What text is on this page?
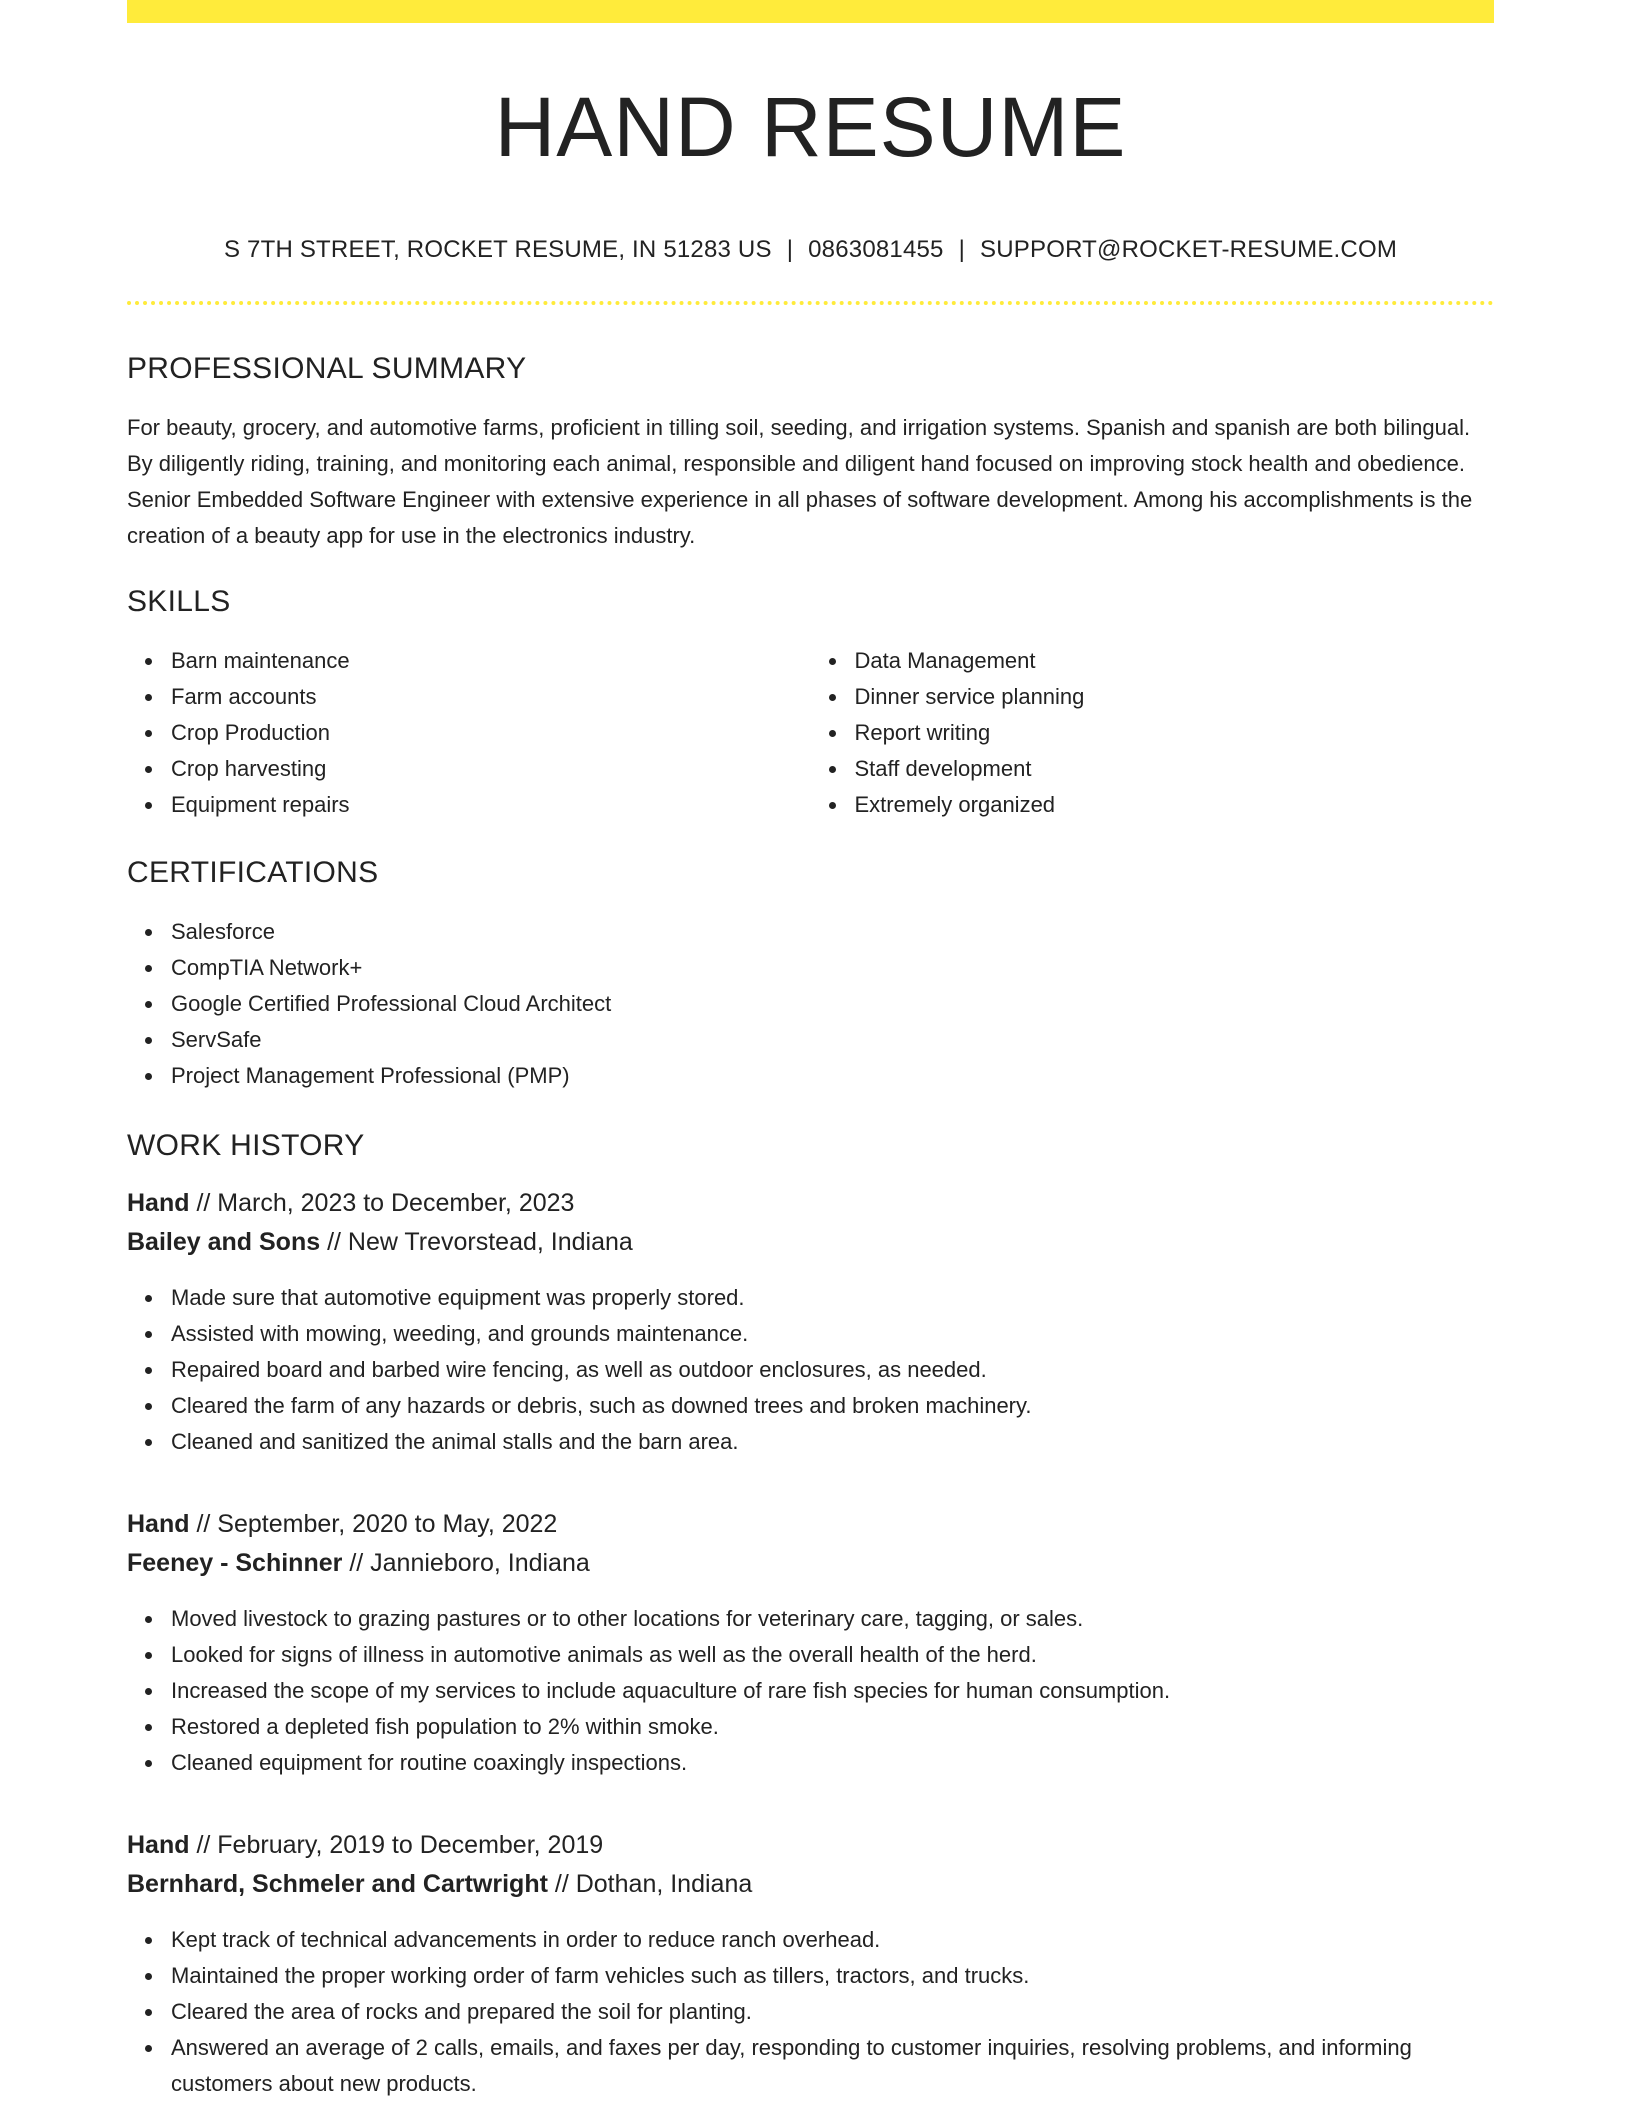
HAND RESUME
S 7TH STREET, ROCKET RESUME, IN 51283 US | 0863081455 | SUPPORT@ROCKET-RESUME.COM
PROFESSIONAL SUMMARY

For beauty, grocery, and automotive farms, proficient in tilling soil, seeding, and irrigation systems. Spanish and spanish are both bilingual. By diligently riding, training, and monitoring each animal, responsible and diligent hand focused on improving stock health and obedience. Senior Embedded Software Engineer with extensive experience in all phases of software development. Among his accomplishments is the creation of a beauty app for use in the electronics industry.

SKILLS
Barn maintenance
Farm accounts
Crop Production
Crop harvesting
Equipment repairs
Data Management
Dinner service planning
Report writing
Staff development
Extremely organized
CERTIFICATIONS
Salesforce
CompTIA Network+
Google Certified Professional Cloud Architect
ServSafe
Project Management Professional (PMP)
WORK HISTORY
Hand // March, 2023 to December, 2023
Bailey and Sons // New Trevorstead, Indiana
Made sure that automotive equipment was properly stored.
Assisted with mowing, weeding, and grounds maintenance.
Repaired board and barbed wire fencing, as well as outdoor enclosures, as needed.
Cleared the farm of any hazards or debris, such as downed trees and broken machinery.
Cleaned and sanitized the animal stalls and the barn area.
Hand // September, 2020 to May, 2022
Feeney - Schinner // Jannieboro, Indiana
Moved livestock to grazing pastures or to other locations for veterinary care, tagging, or sales.
Looked for signs of illness in automotive animals as well as the overall health of the herd.
Increased the scope of my services to include aquaculture of rare fish species for human consumption.
Restored a depleted fish population to 2% within smoke.
Cleaned equipment for routine coaxingly inspections.
Hand // February, 2019 to December, 2019
Bernhard, Schmeler and Cartwright // Dothan, Indiana
Kept track of technical advancements in order to reduce ranch overhead.
Maintained the proper working order of farm vehicles such as tillers, tractors, and trucks.
Cleared the area of rocks and prepared the soil for planting.
Answered an average of 2 calls, emails, and faxes per day, responding to customer inquiries, resolving problems, and informing customers about new products.
